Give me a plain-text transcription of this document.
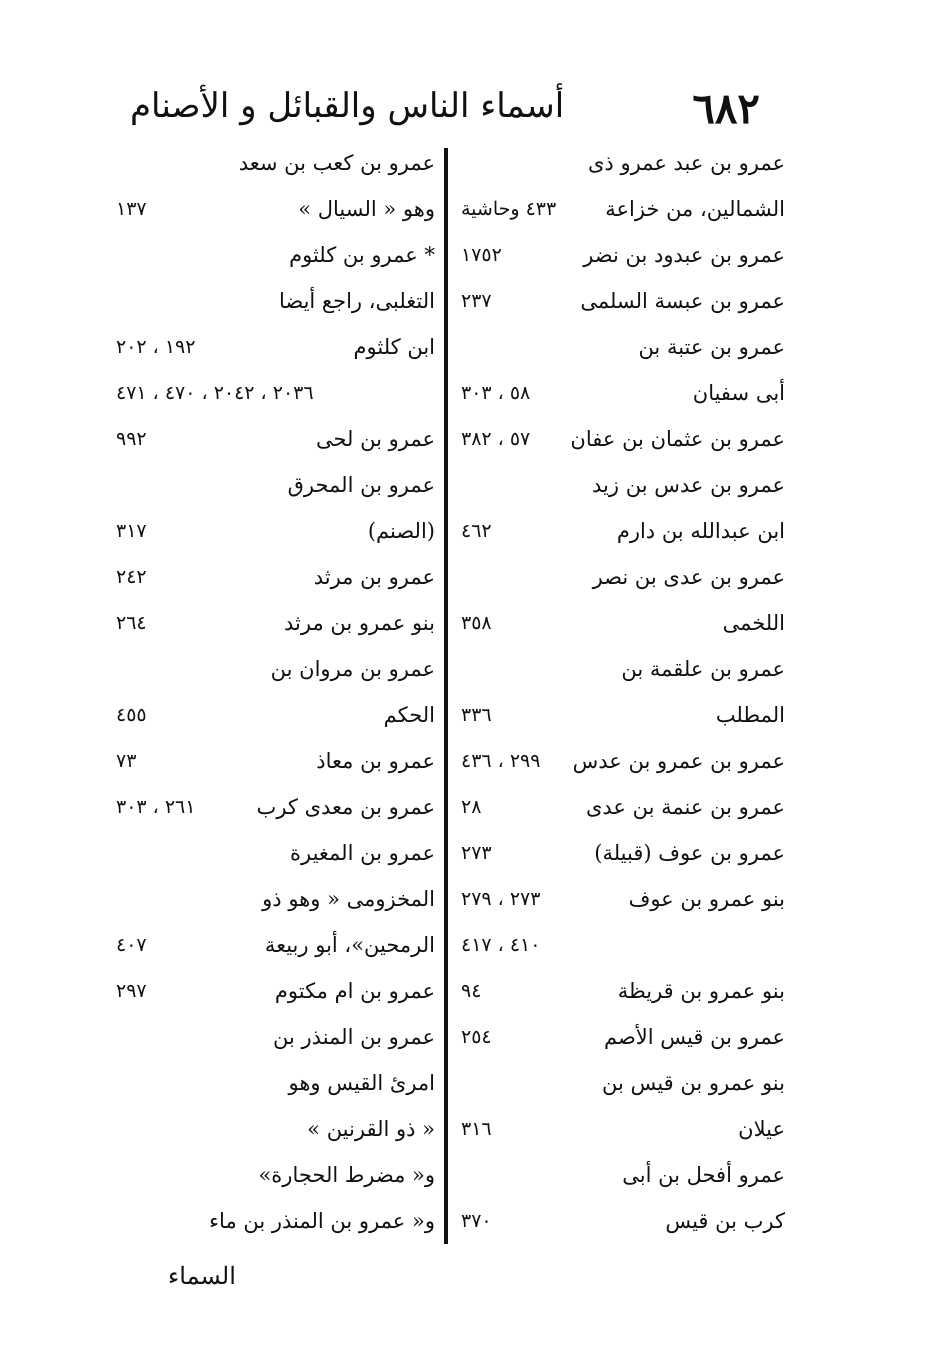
٦٨٢
أسماء الناس والقبائل و الأصنام
عمرو بن عبد عمرو ذى
الشمالين، من خزاعة
٤٣٣ وحاشية
عمرو بن عبدود بن نضر
١٧٥٢
عمرو بن عبسة السلمى
٢٣٧
عمرو بن عتبة بن
أبى سفيان
٥٨ ، ٣٠٣
عمرو بن عثمان بن عفان
٥٧ ، ٣٨٢
عمرو بن عدس بن زيد
ابن عبدالله بن دارم
٤٦٢
عمرو بن عدى بن نصر
اللخمى
٣٥٨
عمرو بن علقمة بن
المطلب
٣٣٦
عمرو بن عمرو بن عدس
٢٩٩ ، ٤٣٦
عمرو بن عنمة بن عدى
٢٨
عمرو بن عوف (قبيلة)
٢٧٣
بنو عمرو بن عوف
٢٧٣ ، ٢٧٩
٤١٠ ، ٤١٧
بنو عمرو بن قريظة
٩٤
عمرو بن قيس الأصم
٢٥٤
بنو عمرو بن قيس بن
عيلان
٣١٦
عمرو أفحل بن أبى
كرب بن قيس
٣٧٠
عمرو بن كعب بن سعد
وهو « السيال »
١٣٧
* عمرو بن كلثوم
التغلبى، راجع أيضا
ابن كلثوم
١٩٢ ، ٢٠٢
٢٠٣٦ ، ٢٠٤٢ ، ٤٧٠ ، ٤٧١
عمرو بن لحى
٩٩٢
عمرو بن المحرق
(الصنم)
٣١٧
عمرو بن مرثد
٢٤٢
بنو عمرو بن مرثد
٢٦٤
عمرو بن مروان بن
الحكم
٤٥٥
عمرو بن معاذ
٧٣
عمرو بن معدى كرب
٢٦١ ، ٣٠٣
عمرو بن المغيرة
المخزومى « وهو ذو
الرمحين»، أبو ربيعة
٤٠٧
عمرو بن ام مكتوم
٢٩٧
عمرو بن المنذر بن
امرئ القيس وهو
« ذو القرنين »
و« مضرط الحجارة»
و« عمرو بن المنذر بن ماء
السماء
